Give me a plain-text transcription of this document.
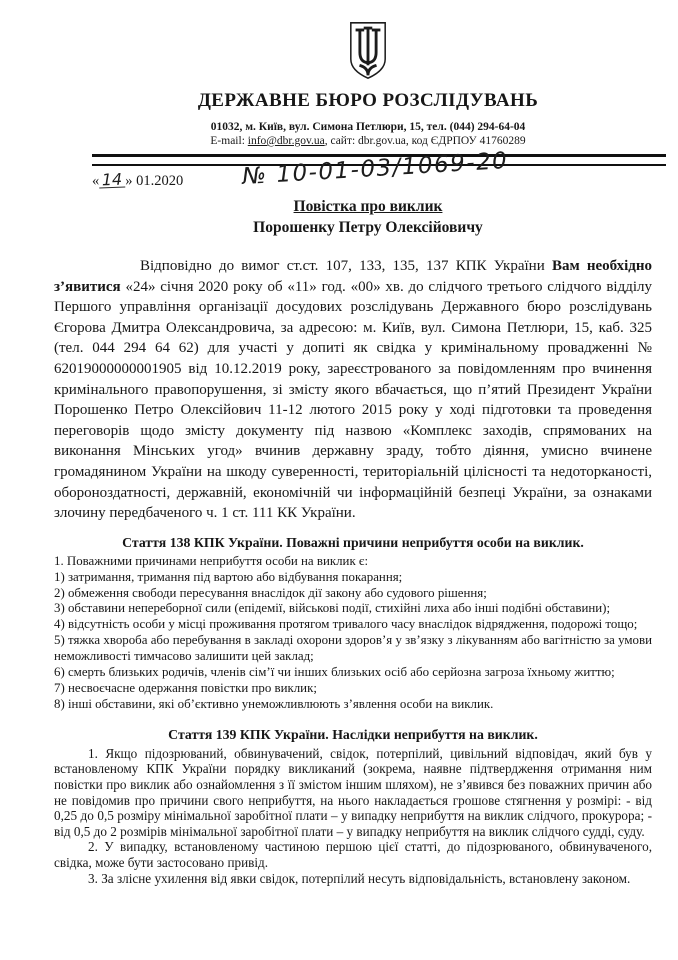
ДЕРЖАВНЕ БЮРО РОЗСЛІДУВАНЬ
01032, м. Київ, вул. Симона Петлюри, 15, тел. (044) 294-64-04
E-mail: info@dbr.gov.ua, сайт: dbr.gov.ua, код ЄДРПОУ 41760289
« 14 » 01.2020	№ 10-01-03/1069-20
Повістка про виклик
Порошенку Петру Олексійовичу
Відповідно до вимог ст.ст. 107, 133, 135, 137 КПК України Вам необхідно з’явитися «24» січня 2020 року об «11» год. «00» хв. до слідчого третього слідчого відділу Першого управління організації досудових розслідувань Державного бюро розслідувань Єгорова Дмитра Олександровича, за адресою: м. Київ, вул. Симона Петлюри, 15, каб. 325 (тел. 044 294 64 62) для участі у допиті як свідка у кримінальному провадженні № 62019000000001905 від 10.12.2019 року, зареєстрованого за повідомленням про вчинення кримінального правопорушення, зі змісту якого вбачається, що п’ятий Президент України Порошенко Петро Олексійович 11-12 лютого 2015 року у ході підготовки та проведення переговорів щодо змісту документу під назвою «Комплекс заходів, спрямованих на виконання Мінських угод» вчинив державну зраду, тобто діяння, умисно вчинене громадянином України на шкоду суверенності, територіальній цілісності та недоторканості, обороноздатності, державній, економічній чи інформаційній безпеці України, за ознаками злочину передбаченого ч. 1 ст. 111 КК України.
Стаття 138 КПК України. Поважні причини неприбуття особи на виклик.
1. Поважними причинами неприбуття особи на виклик є:
1) затримання, тримання під вартою або відбування покарання;
2) обмеження свободи пересування внаслідок дії закону або судового рішення;
3) обставини непереборної сили (епідемії, військові події, стихійні лиха або інші подібні обставини);
4) відсутність особи у місці проживання протягом тривалого часу внаслідок відрядження, подорожі тощо;
5) тяжка хвороба або перебування в закладі охорони здоров’я у зв’язку з лікуванням або вагітністю за умови неможливості тимчасово залишити цей заклад;
6) смерть близьких родичів, членів сім’ї чи інших близьких осіб або серйозна загроза їхньому життю;
7) несвоєчасне одержання повістки про виклик;
8) інші обставини, які об’єктивно унеможливлюють з’явлення особи на виклик.
Стаття 139 КПК України. Наслідки неприбуття на виклик.
1. Якщо підозрюваний, обвинувачений, свідок, потерпілий, цивільний відповідач, який був у встановленому КПК України порядку викликаний (зокрема, наявне підтвердження отримання ним повістки про виклик або ознайомлення з її змістом іншим шляхом), не з’явився без поважних причин або не повідомив про причини свого неприбуття, на нього накладається грошове стягнення у розмірі: - від 0,25 до 0,5 розміру мінімальної заробітної плати – у випадку неприбуття на виклик слідчого, прокурора; - від 0,5 до 2 розмірів мінімальної заробітної плати – у випадку неприбуття на виклик слідчого судді, суду.
2. У випадку, встановленому частиною першою цієї статті, до підозрюваного, обвинуваченого, свідка, може бути застосовано привід.
3. За злісне ухилення від явки свідок, потерпілий несуть відповідальність, встановлену законом.
